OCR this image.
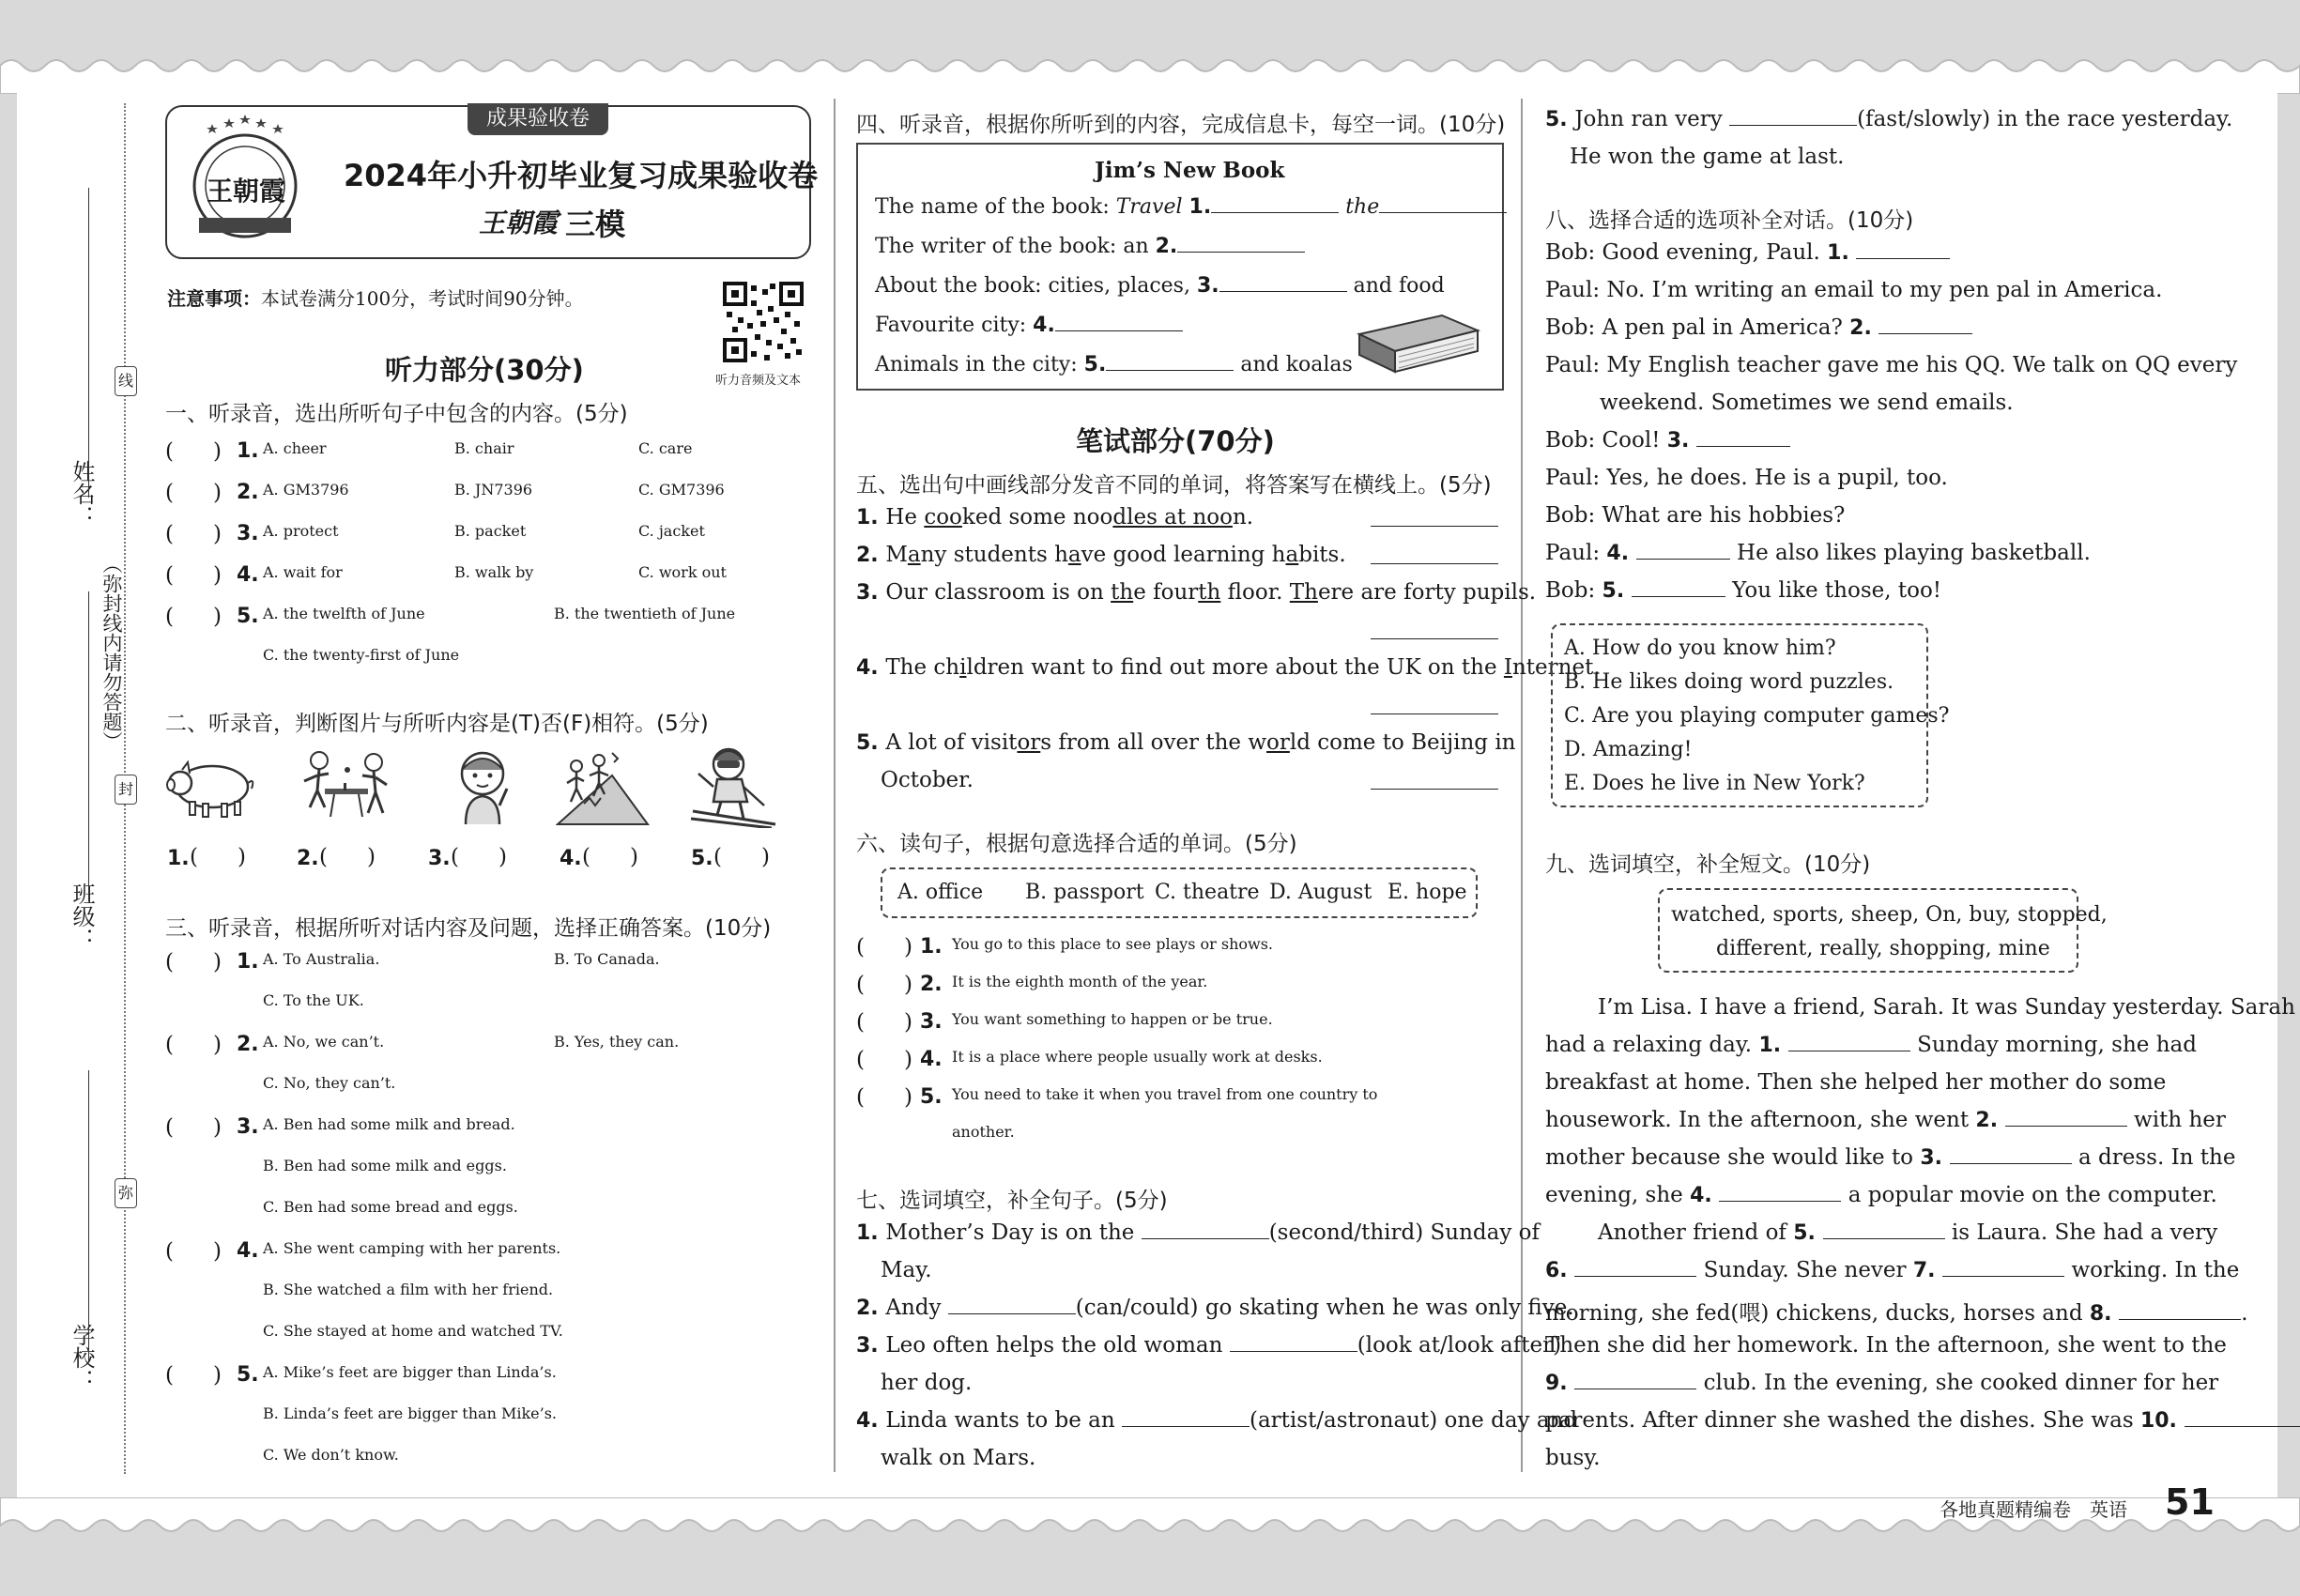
姓名：
班级：
学校：
（弥封线内请勿答题）
线
封
弥
成果验收卷
王朝霞 2024年小升初毕业复习成果验收卷
王朝霞 三模
注意事项：本试卷满分100分，考试时间90分钟。
听力音频及文本
听力部分(30分)
一、听录音，选出所听句子中包含的内容。(5分)
( ) 1. A. cheer	B. chair	C. care
( ) 2. A. GM3796	B. JN7396	C. GM7396
( ) 3. A. protect	B. packet	C. jacket
( ) 4. A. wait for	B. walk by	C. work out
( ) 5. A. the twelfth of June	B. the twentieth of June
C. the twenty-first of June
二、听录音，判断图片与所听内容是(T)否(F)相符。(5分)
1. ( ) 2. ( )	3. ( )	4. ( )	5. ( )
三、听录音，根据所听对话内容及问题，选择正确答案。(10分)
( ) 1. A. To Australia.	B. To Canada.
C. To the UK.
( ) 2. A. No, we can’t.	B. Yes, they can.
C. No, they can’t.
( ) 3. A. Ben had some milk and bread.
B. Ben had some milk and eggs.
C. Ben had some bread and eggs.
( ) 4. A. She went camping with her parents.
B. She watched a film with her friend.
C. She stayed at home and watched TV.
( ) 5. A. Mike’s feet are bigger than Linda’s.
B. Linda’s feet are bigger than Mike’s.
C. We don’t know.
四、听录音，根据你所听到的内容，完成信息卡，每空一词。(10分)
Jim’s New Book
The name of the book: Travel 1.	the
The writer of the book: an 2.
About the book: cities, places, 3.	and food
Favourite city: 4.
Animals in the city: 5.	and koalas
笔试部分(70分)
五、选出句中画线部分发音不同的单词，将答案写在横线上。(5分)
1. He cooked some noodles at noon.
2. Many students have good learning habits.
3. Our classroom is on the fourth floor. There are forty pupils.
4. The children want to fnd out more about the UK on the Internet.
5. A lot of visitors from all over the world come to Beijing in
October.
六、读句子，根据句意选择合适的单词。(5分)
A. office B. passport C. theatre D. August E. hope
( ) 1. You go to this place to see plays or shows.
( ) 2. It is the eighth month of the year.
( ) 3. You want something to happen or be true.
( ) 4. It is a place where people usually work at desks.
( ) 5. You need to take it when you travel from one country to
another.
七、选词填空，补全句子。(5分)
1. Mother’s Day is on the	(second/third) Sunday of
May.
2. Andy	(can/could) go skating when he was only five.
3. Leo often helps the old woman	(look at/look after)
her dog.
4. Linda wants to be an	(artist/astronaut) one day and
walk on Mars.
5. John ran very	(fast/slowly) in the race yesterday.
He won the game at last.
八、选择合适的选项补全对话。(10分)
Bob: Good evening, Paul. 1.
Paul: No. I’m writing an email to my pen pal in America.
Bob: A pen pal in America? 2.
Paul: My English teacher gave me his QQ. We talk on QQ every
weekend. Sometimes we send emails.
Bob: Cool! 3.
Paul: Yes, he does. He is a pupil, too.
Bob: What are his hobbies?
Paul: 4.	He also likes playing basketball.
Bob: 5.	You like those, too!
A. How do you know him?
B. He likes doing word puzzles.
C. Are you playing computer games?
D. Amazing!
E. Does he live in New York?
九、选词填空，补全短文。(10分)
watched, sports, sheep, On, buy, stopped,
different, really, shopping, mine
I’m Lisa. I have a friend, Sarah. It was Sunday yesterday. Sarah
had a relaxing day. 1.	Sunday morning, she had
breakfast at home. Then she helped her mother do some
housework. In the afternoon, she went 2.	with her
mother because she would like to 3.	a dress. In the
evening, she 4.	a popular movie on the computer.
Another friend of 5.	is Laura. She had a very
6.	Sunday. She never 7.	working. In the
morning, she fed(喂) chickens, ducks, horses and 8.	.
Then she did her homework. In the afternoon, she went to the
9.	club. In the evening, she cooked dinner for her
parents. After dinner she washed the dishes. She was 10.
busy.
各地真题精编卷　英语 51
